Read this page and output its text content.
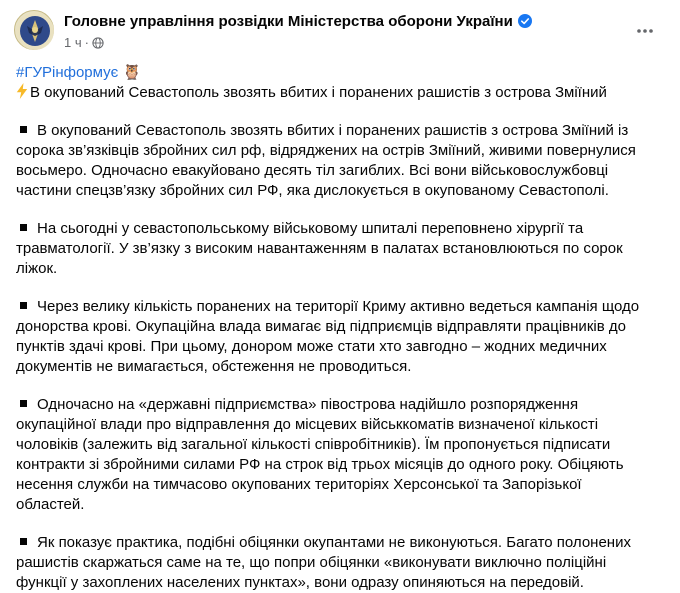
Головне управління розвідки Міністерства оборони України
1 ч ·
#ГУРінформує 🦉
В окупований Севастополь звозять вбитих і поранених рашистів з острова Зміїний
В окупований Севастополь звозять вбитих і поранених рашистів з острова Зміїний із
сорока зв’язківців збройних сил рф, відряджених на острів Зміїний, живими повернулися
восьмеро. Одночасно евакуйовано десять тіл загиблих. Всі вони військовослужбовці
частини спецзв’язку збройних сил РФ, яка дислокується в окупованому Севастополі.
На сьогодні у севастопольському військовому шпиталі переповнено хірургії та
травматології. У зв’язку з високим навантаженням в палатах встановлюються по сорок
ліжок.
Через велику кількість поранених на території Криму активно ведеться кампанія щодо
донорства крові. Окупаційна влада вимагає від підприємців відправляти працівників до
пунктів здачі крові. При цьому, донором може стати хто завгодно – жодних медичних
документів не вимагається, обстеження не проводиться.
Одночасно на «державні підприємства» півострова надійшло розпорядження
окупаційної влади про відправлення до місцевих військкоматів визначеної кількості
чоловіків (залежить від загальної кількості співробітників). Їм пропонується підписати
контракти зі збройними силами РФ на строк від трьох місяців до одного року. Обіцяють
несення служби на тимчасово окупованих територіях Херсонської та Запорізької
областей.
Як показує практика, подібні обіцянки окупантами не виконуються. Багато полонених
рашистів скаржаться саме на те, що попри обіцянки «виконувати виключно поліційні
функції у захоплених населених пунктах», вони одразу опиняються на передовій.
